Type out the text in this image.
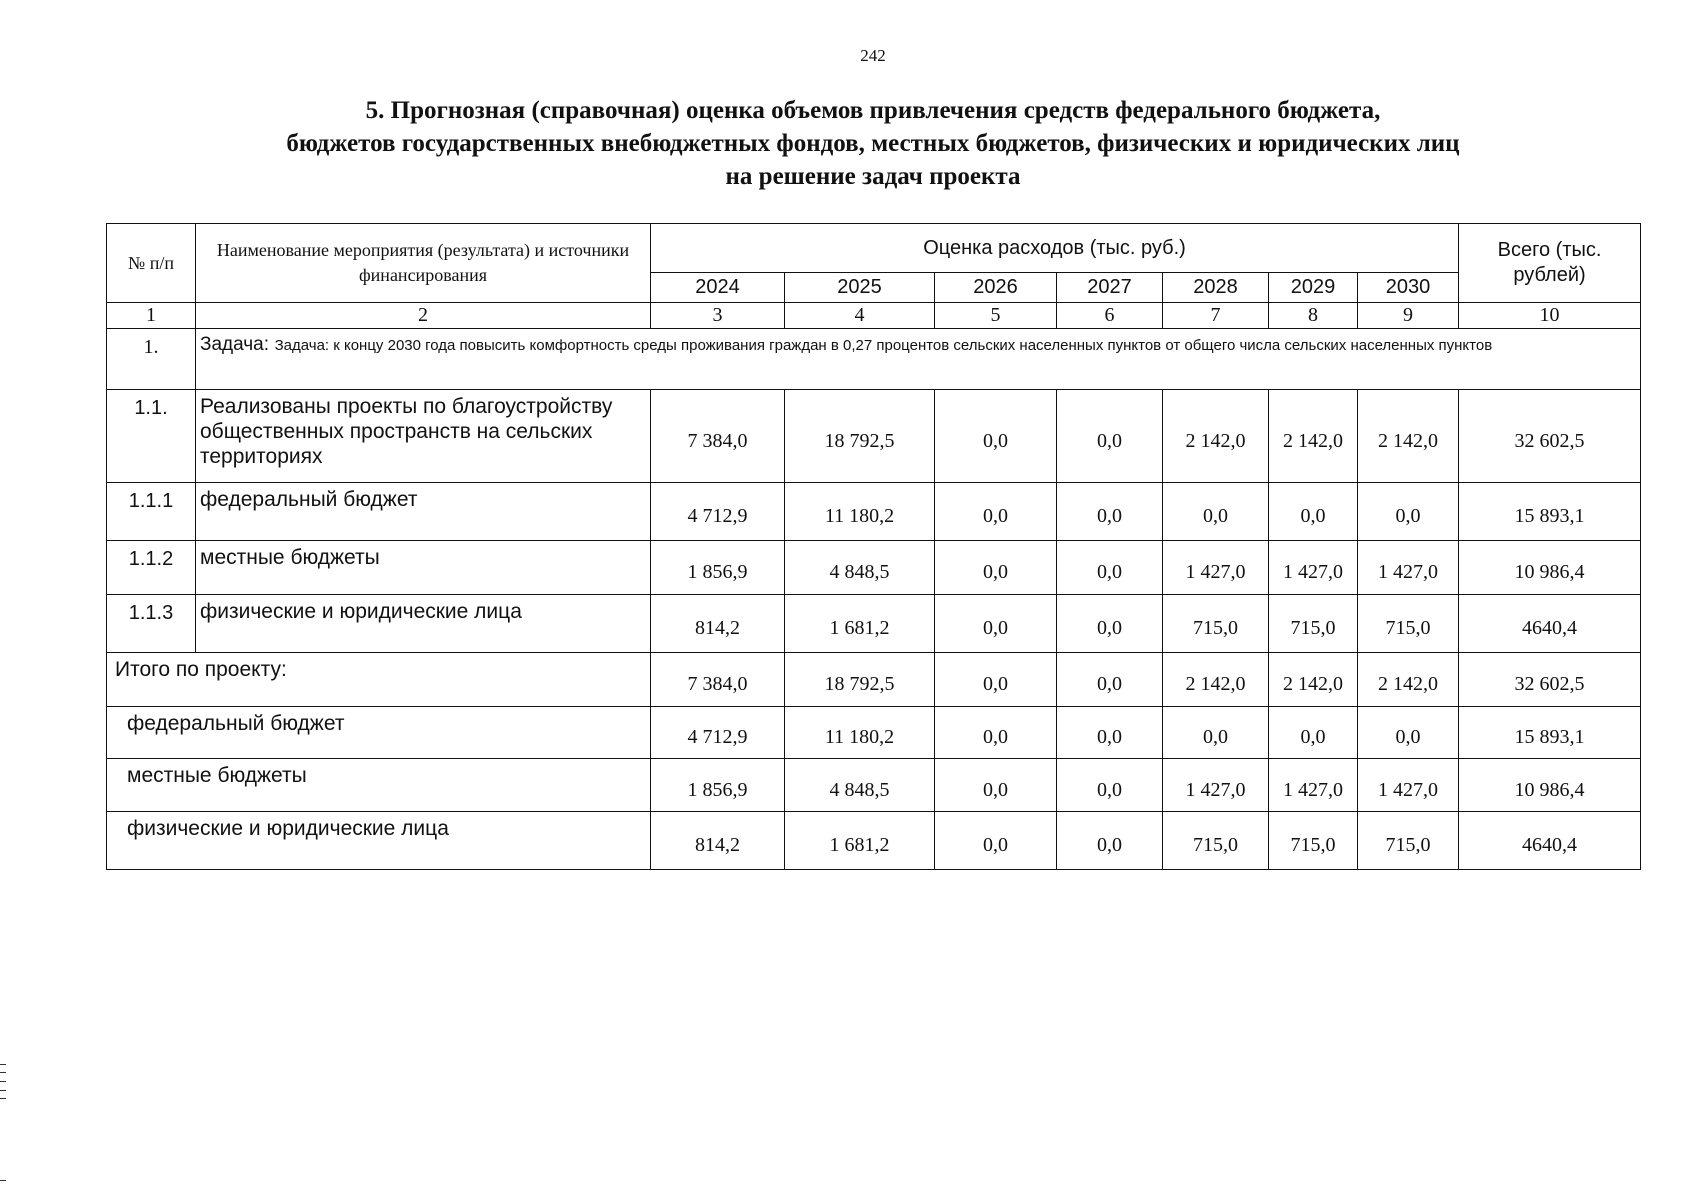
242
5. Прогнозная (справочная) оценка объемов привлечения средств федерального бюджета,
бюджетов государственных внебюджетных фондов, местных бюджетов, физических и юридических лиц
на решение задач проекта
№ п/п	Наименование мероприятия (результата) и источники финансирования	Оценка расходов (тыс. руб.)							Всего (тыс. рублей)
		2024	2025	2026	2027	2028	2029	2030	
1	2	3	4	5	6	7	8	9	10
1.	Задача: Задача: к концу 2030 года повысить комфортность среды проживания граждан в 0,27 процентов сельских населенных пунктов от общего числа сельских населенных пунктов								
1.1.	Реализованы проекты по благоустройству общественных пространств на сельских территориях	7 384,0	18 792,5	0,0	0,0	2 142,0	2 142,0	2 142,0	32 602,5
1.1.1	федеральный бюджет	4 712,9	11 180,2	0,0	0,0	0,0	0,0	0,0	15 893,1
1.1.2	местные бюджеты	1 856,9	4 848,5	0,0	0,0	1 427,0	1 427,0	1 427,0	10 986,4
1.1.3	физические и юридические лица	814,2	1 681,2	0,0	0,0	715,0	715,0	715,0	4640,4
Итого по проекту:		7 384,0	18 792,5	0,0	0,0	2 142,0	2 142,0	2 142,0	32 602,5
федеральный бюджет		4 712,9	11 180,2	0,0	0,0	0,0	0,0	0,0	15 893,1
местные бюджеты		1 856,9	4 848,5	0,0	0,0	1 427,0	1 427,0	1 427,0	10 986,4
физические и юридические лица		814,2	1 681,2	0,0	0,0	715,0	715,0	715,0	4640,4
